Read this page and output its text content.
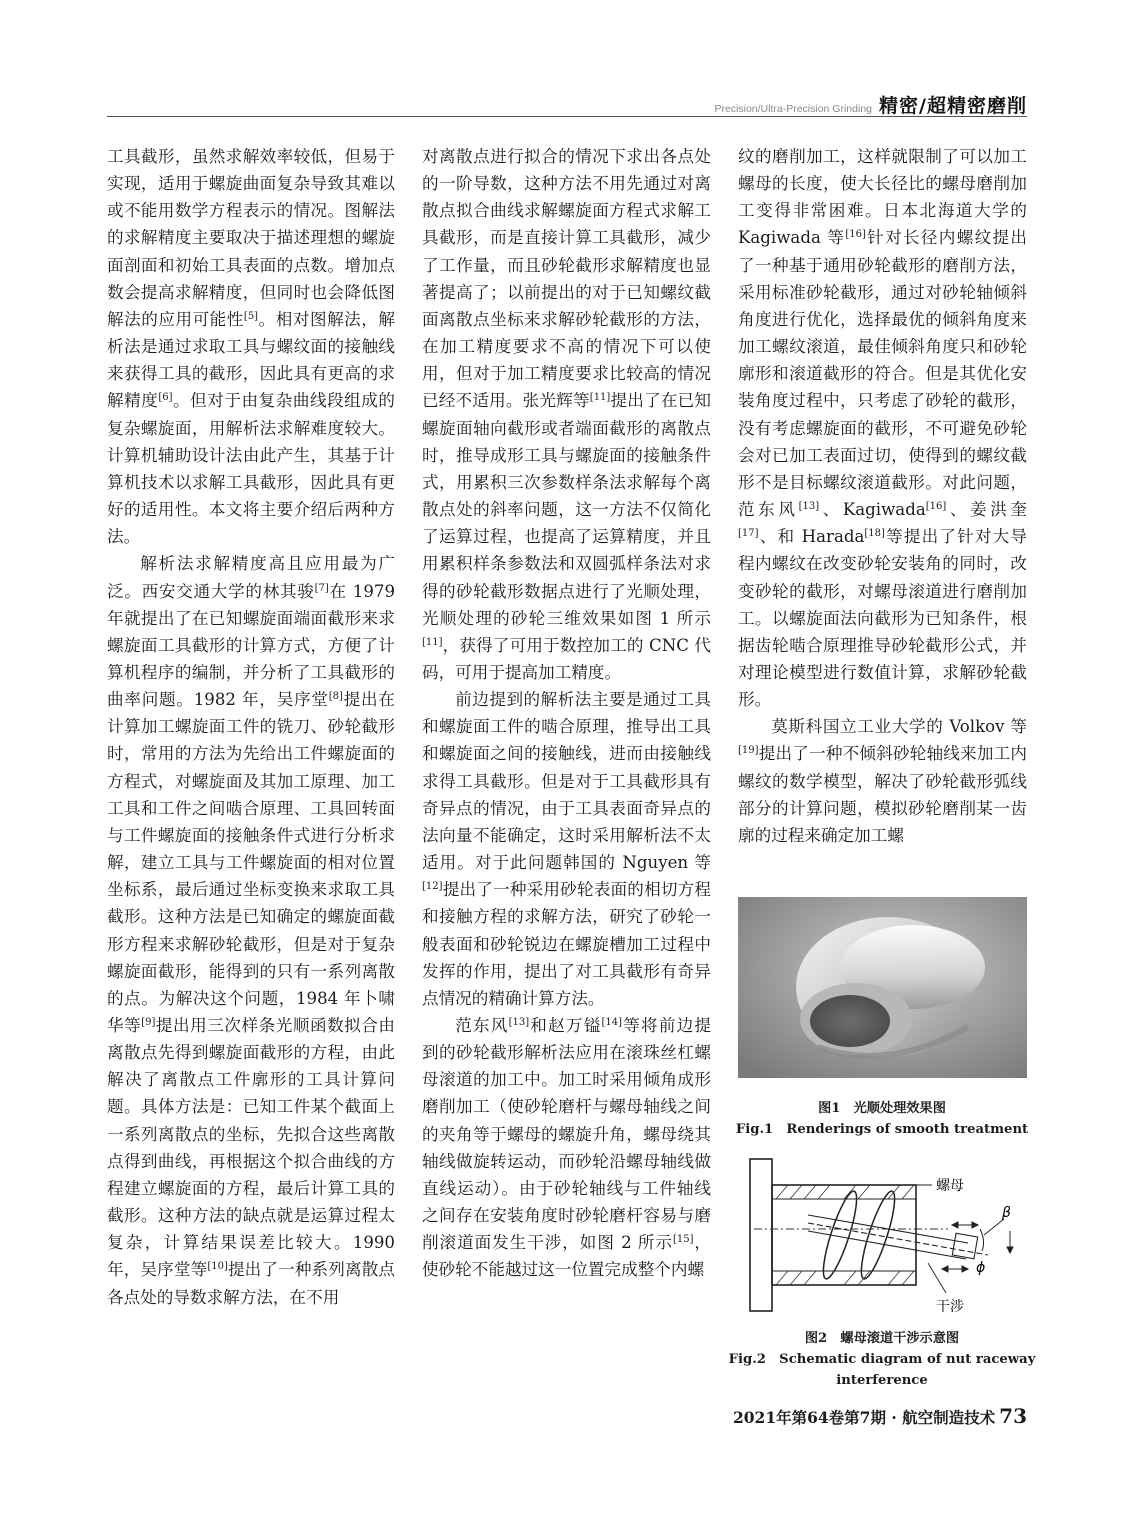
Precision/Ultra-Precision Grinding 精密/超精密磨削

工具截形，虽然求解效率较低，但易于实现，适用于螺旋曲面复杂导致其难以或不能用数学方程表示的情况。图解法的求解精度主要取决于描述理想的螺旋面剖面和初始工具表面的点数。增加点数会提高求解精度，但同时也会降低图解法的应用可能性[5]。相对图解法，解析法是通过求取工具与螺纹面的接触线来获得工具的截形，因此具有更高的求解精度[6]。但对于由复杂曲线段组成的复杂螺旋面，用解析法求解难度较大。计算机辅助设计法由此产生，其基于计算机技术以求解工具截形，因此具有更好的适用性。本文将主要介绍后两种方法。

解析法求解精度高且应用最为广泛。西安交通大学的林其骏[7]在 1979 年就提出了在已知螺旋面端面截形来求螺旋面工具截形的计算方式，方便了计算机程序的编制，并分析了工具截形的曲率问题。1982 年，吴序堂[8]提出在计算加工螺旋面工件的铣刀、砂轮截形时，常用的方法为先给出工件螺旋面的方程式，对螺旋面及其加工原理、加工工具和工件之间啮合原理、工具回转面与工件螺旋面的接触条件式进行分析求解，建立工具与工件螺旋面的相对位置坐标系，最后通过坐标变换来求取工具截形。这种方法是已知确定的螺旋面截形方程来求解砂轮截形，但是对于复杂螺旋面截形，能得到的只有一系列离散的点。为解决这个问题，1984 年卜啸华等[9]提出用三次样条光顺函数拟合由离散点先得到螺旋面截形的方程，由此解决了离散点工件廓形的工具计算问题。具体方法是：已知工件某个截面上一系列离散点的坐标，先拟合这些离散点得到曲线，再根据这个拟合曲线的方程建立螺旋面的方程，最后计算工具的截形。这种方法的缺点就是运算过程太复杂，计算结果误差比较大。1990 年，吴序堂等[10]提出了一种系列离散点各点处的导数求解方法，在不用

对离散点进行拟合的情况下求出各点处的一阶导数，这种方法不用先通过对离散点拟合曲线求解螺旋面方程式求解工具截形，而是直接计算工具截形，减少了工作量，而且砂轮截形求解精度也显著提高了；以前提出的对于已知螺纹截面离散点坐标来求解砂轮截形的方法，在加工精度要求不高的情况下可以使用，但对于加工精度要求比较高的情况已经不适用。张光辉等[11]提出了在已知螺旋面轴向截形或者端面截形的离散点时，推导成形工具与螺旋面的接触条件式，用累积三次参数样条法求解每个离散点处的斜率问题，这一方法不仅简化了运算过程，也提高了运算精度，并且用累积样条参数法和双圆弧样条法对求得的砂轮截形数据点进行了光顺处理，光顺处理的砂轮三维效果如图 1 所示[11]，获得了可用于数控加工的 CNC 代码，可用于提高加工精度。

前边提到的解析法主要是通过工具和螺旋面工件的啮合原理，推导出工具和螺旋面之间的接触线，进而由接触线求得工具截形。但是对于工具截形具有奇异点的情况，由于工具表面奇异点的法向量不能确定，这时采用解析法不太适用。对于此问题韩国的 Nguyen 等[12]提出了一种采用砂轮表面的相切方程和接触方程的求解方法，研究了砂轮一般表面和砂轮锐边在螺旋槽加工过程中发挥的作用，提出了对工具截形有奇异点情况的精确计算方法。

范东风[13]和赵万镒[14]等将前边提到的砂轮截形解析法应用在滚珠丝杠螺母滚道的加工中。加工时采用倾角成形磨削加工（使砂轮磨杆与螺母轴线之间的夹角等于螺母的螺旋升角，螺母绕其轴线做旋转运动，而砂轮沿螺母轴线做直线运动）。由于砂轮轴线与工件轴线之间存在安装角度时砂轮磨杆容易与磨削滚道面发生干涉，如图 2 所示[15]，使砂轮不能越过这一位置完成整个内螺

纹的磨削加工，这样就限制了可以加工螺母的长度，使大长径比的螺母磨削加工变得非常困难。日本北海道大学的 Kagiwada 等[16]针对长径内螺纹提出了一种基于通用砂轮截形的磨削方法，采用标准砂轮截形，通过对砂轮轴倾斜角度进行优化，选择最优的倾斜角度来加工螺纹滚道，最佳倾斜角度只和砂轮廓形和滚道截形的符合。但是其优化安装角度过程中，只考虑了砂轮的截形，没有考虑螺旋面的截形，不可避免砂轮会对已加工表面过切，使得到的螺纹截形不是目标螺纹滚道截形。对此问题，范东风[13]、Kagiwada[16]、姜洪奎[17]、和 Harada[18]等提出了针对大导程内螺纹在改变砂轮安装角的同时，改变砂轮的截形，对螺母滚道进行磨削加工。以螺旋面法向截形为已知条件，根据齿轮啮合原理推导砂轮截形公式，并对理论模型进行数值计算，求解砂轮截形。

莫斯科国立工业大学的 Volkov 等[19]提出了一种不倾斜砂轮轴线来加工内螺纹的数学模型，解决了砂轮截形弧线部分的计算问题，模拟砂轮磨削某一齿廓的过程来确定加工螺

图1　光顺处理效果图
Fig.1　Renderings of smooth treatment
β
ϕ
螺母
干涉
图2　螺母滚道干涉示意图
Fig.2　Schematic diagram of nut raceway interference
2021年第64卷第7期 · 航空制造技术 73
